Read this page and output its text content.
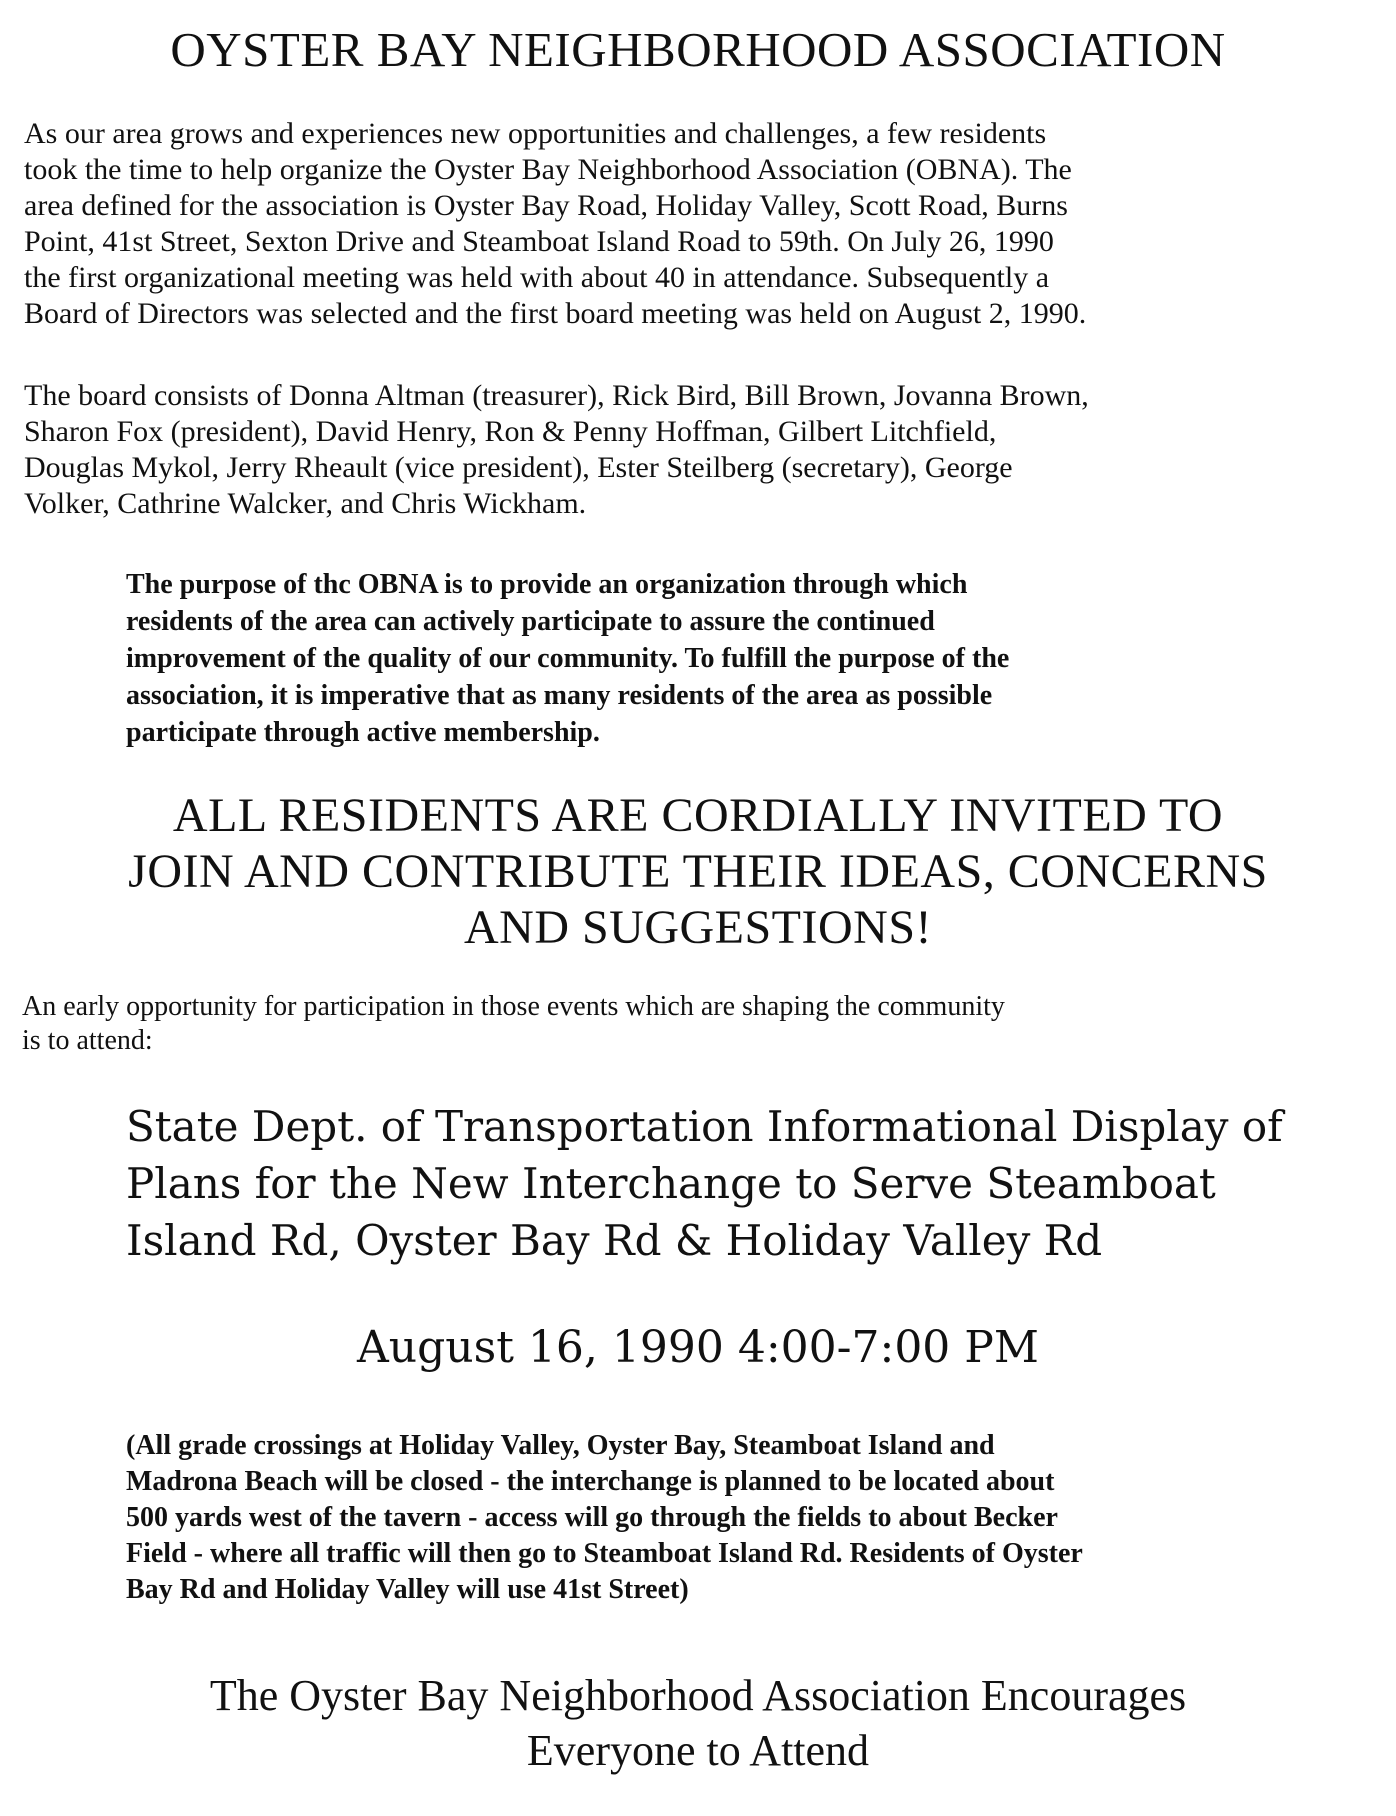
OYSTER BAY NEIGHBORHOOD ASSOCIATION
As our area grows and experiences new opportunities and challenges, a few residents
took the time to help organize the Oyster Bay Neighborhood Association (OBNA). The
area defined for the association is Oyster Bay Road, Holiday Valley, Scott Road, Burns
Point, 41st Street, Sexton Drive and Steamboat Island Road to 59th. On July 26, 1990
the first organizational meeting was held with about 40 in attendance. Subsequently a
Board of Directors was selected and the first board meeting was held on August 2, 1990.
The board consists of Donna Altman (treasurer), Rick Bird, Bill Brown, Jovanna Brown,
Sharon Fox (president), David Henry, Ron & Penny Hoffman, Gilbert Litchfield,
Douglas Mykol, Jerry Rheault (vice president), Ester Steilberg (secretary), George
Volker, Cathrine Walcker, and Chris Wickham.
The purpose of thc OBNA is to provide an organization through which
residents of the area can actively participate to assure the continued
improvement of the quality of our community. To fulfill the purpose of the
association, it is imperative that as many residents of the area as possible
participate through active membership.
ALL RESIDENTS ARE CORDIALLY INVITED TO
JOIN AND CONTRIBUTE THEIR IDEAS, CONCERNS
AND SUGGESTIONS!
An early opportunity for participation in those events which are shaping the community
is to attend:
State Dept. of Transportation Informational Display of
Plans for the New Interchange to Serve Steamboat
Island Rd, Oyster Bay Rd & Holiday Valley Rd
August 16, 1990 4:00-7:00 PM
(All grade crossings at Holiday Valley, Oyster Bay, Steamboat Island and
Madrona Beach will be closed - the interchange is planned to be located about
500 yards west of the tavern - access will go through the fields to about Becker
Field - where all traffic will then go to Steamboat Island Rd. Residents of Oyster
Bay Rd and Holiday Valley will use 41st Street)
The Oyster Bay Neighborhood Association Encourages
Everyone to Attend
